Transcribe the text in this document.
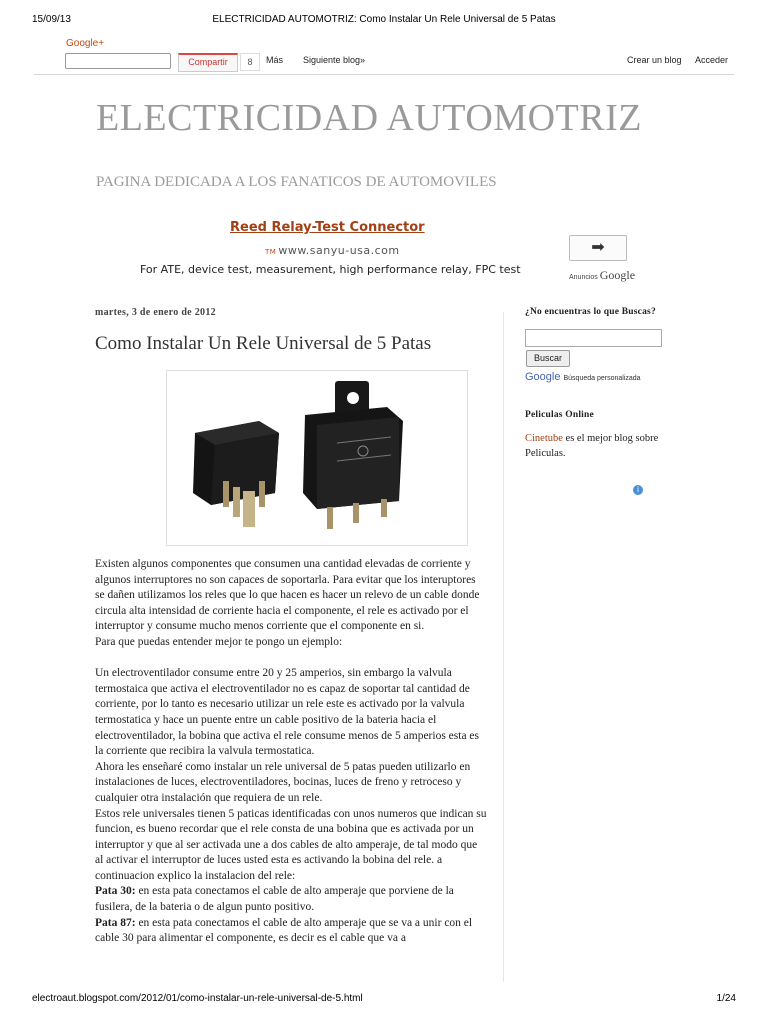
15/09/13	ELECTRICIDAD AUTOMOTRIZ: Como Instalar Un Rele Universal de 5 Patas
Google+
Compartir	8	Más Siguiente blog»	Crear un blog Acceder
ELECTRICIDAD AUTOMOTRIZ
PAGINA DEDICADA A LOS FANATICOS DE AUTOMOVILES
Reed Relay-Test Connector
TM www.sanyu-usa.com
For ATE, device test, measurement, high performance relay, FPC test
➡
Anuncios Google
martes, 3 de enero de 2012
Como Instalar Un Rele Universal de 5 Patas

Existen algunos componentes que consumen una cantidad elevadas de corriente y algunos interruptores no son capaces de soportarla. Para evitar que los interuptores se dañen utilizamos los reles que lo que hacen es hacer un relevo de un cable donde circula alta intensidad de corriente hacia el componente, el rele es activado por el interruptor y consume mucho menos corriente que el componente en si.

Para que puedas entender mejor te pongo un ejemplo:

Un electroventilador consume entre 20 y 25 amperios, sin embargo la valvula termostaica que activa el electroventilador no es capaz de soportar tal cantidad de corriente, por lo tanto es necesario utilizar un rele este es activado por la valvula termostatica y hace un puente entre un cable positivo de la bateria hacia el electroventilador, la bobina que activa el rele consume menos de 5 amperios esta es la corriente que recibira la valvula termostatica.

Ahora les enseñaré como instalar un rele universal de 5 patas pueden utilizarlo en instalaciones de luces, electroventiladores, bocinas, luces de freno y retroceso y cualquier otra instalación que requiera de un rele.

Estos rele universales tienen 5 paticas identificadas con unos numeros que indican su funcion, es bueno recordar que el rele consta de una bobina que es activada por un interruptor y que al ser activada une a dos cables de alto amperaje, de tal modo que al activar el interruptor de luces usted esta es activando la bobina del rele. a continuacion explico la instalacion del rele:

Pata 30: en esta pata conectamos el cable de alto amperaje que porviene de la fusilera, de la bateria o de algun punto positivo.

Pata 87: en esta pata conectamos el cable de alto amperaje que se va a unir con el cable 30 para alimentar el componente, es decir es el cable que va a

¿No encuentras lo que Buscas?
Buscar
Google Búsqueda personalizada
Peliculas Online
Cinetube es el mejor blog sobre Peliculas.
i
electroaut.blogspot.com/2012/01/como-instalar-un-rele-universal-de-5.html	1/24
